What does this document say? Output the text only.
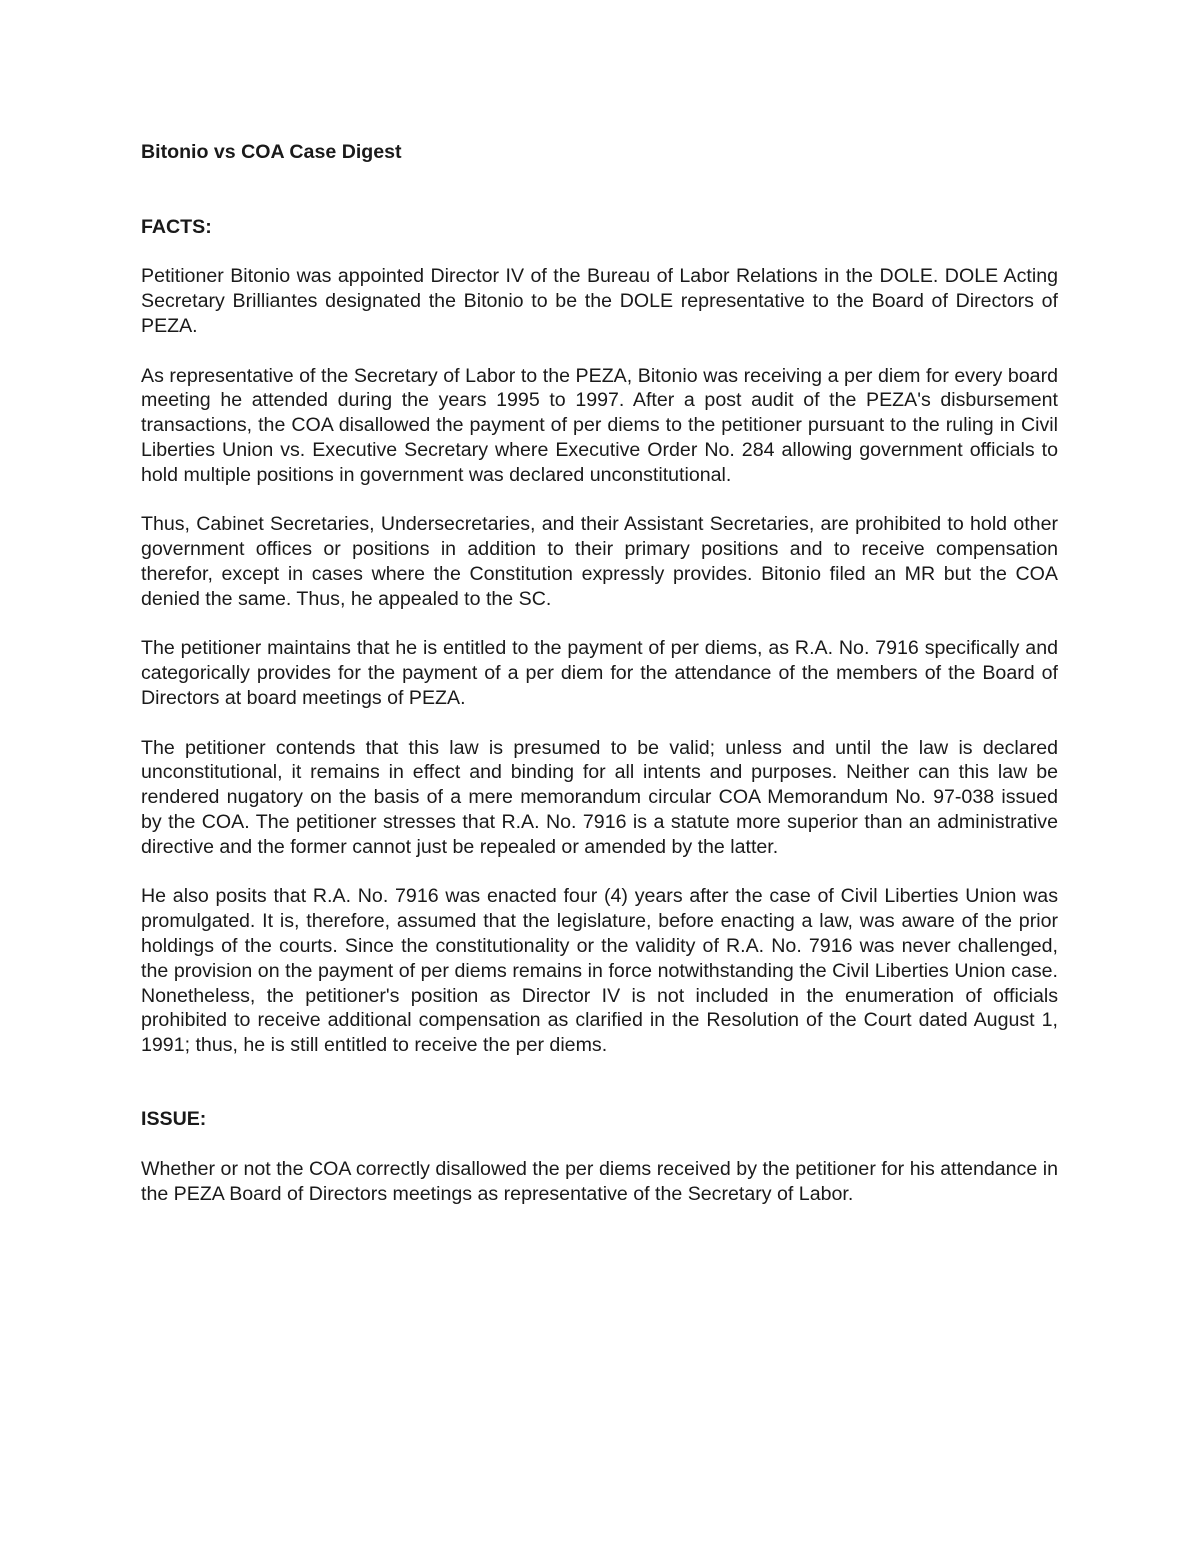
Bitonio vs COA Case Digest
FACTS:

Petitioner Bitonio was appointed Director IV of the Bureau of Labor Relations in the DOLE. DOLE Acting Secretary Brilliantes designated the Bitonio to be the DOLE representative to the Board of Directors of PEZA.

As representative of the Secretary of Labor to the PEZA, Bitonio was receiving a per diem for every board meeting he attended during the years 1995 to 1997. After a post audit of the PEZA's disbursement transactions, the COA disallowed the payment of per diems to the petitioner pursuant to the ruling in Civil Liberties Union vs. Executive Secretary where Executive Order No. 284 allowing government officials to hold multiple positions in government was declared unconstitutional.

Thus, Cabinet Secretaries, Undersecretaries, and their Assistant Secretaries, are prohibited to hold other government offices or positions in addition to their primary positions and to receive compensation therefor, except in cases where the Constitution expressly provides. Bitonio filed an MR but the COA denied the same. Thus, he appealed to the SC.

The petitioner maintains that he is entitled to the payment of per diems, as R.A. No. 7916 specifically and categorically provides for the payment of a per diem for the attendance of the members of the Board of Directors at board meetings of PEZA.

The petitioner contends that this law is presumed to be valid; unless and until the law is declared unconstitutional, it remains in effect and binding for all intents and purposes. Neither can this law be rendered nugatory on the basis of a mere memorandum circular COA Memorandum No. 97-038 issued by the COA. The petitioner stresses that R.A. No. 7916 is a statute more superior than an administrative directive and the former cannot just be repealed or amended by the latter.

He also posits that R.A. No. 7916 was enacted four (4) years after the case of Civil Liberties Union was promulgated. It is, therefore, assumed that the legislature, before enacting a law, was aware of the prior holdings of the courts. Since the constitutionality or the validity of R.A. No. 7916 was never challenged, the provision on the payment of per diems remains in force notwithstanding the Civil Liberties Union case. Nonetheless, the petitioner's position as Director IV is not included in the enumeration of officials prohibited to receive additional compensation as clarified in the Resolution of the Court dated August 1, 1991; thus, he is still entitled to receive the per diems.

ISSUE:

Whether or not the COA correctly disallowed the per diems received by the petitioner for his attendance in the PEZA Board of Directors meetings as representative of the Secretary of Labor.
